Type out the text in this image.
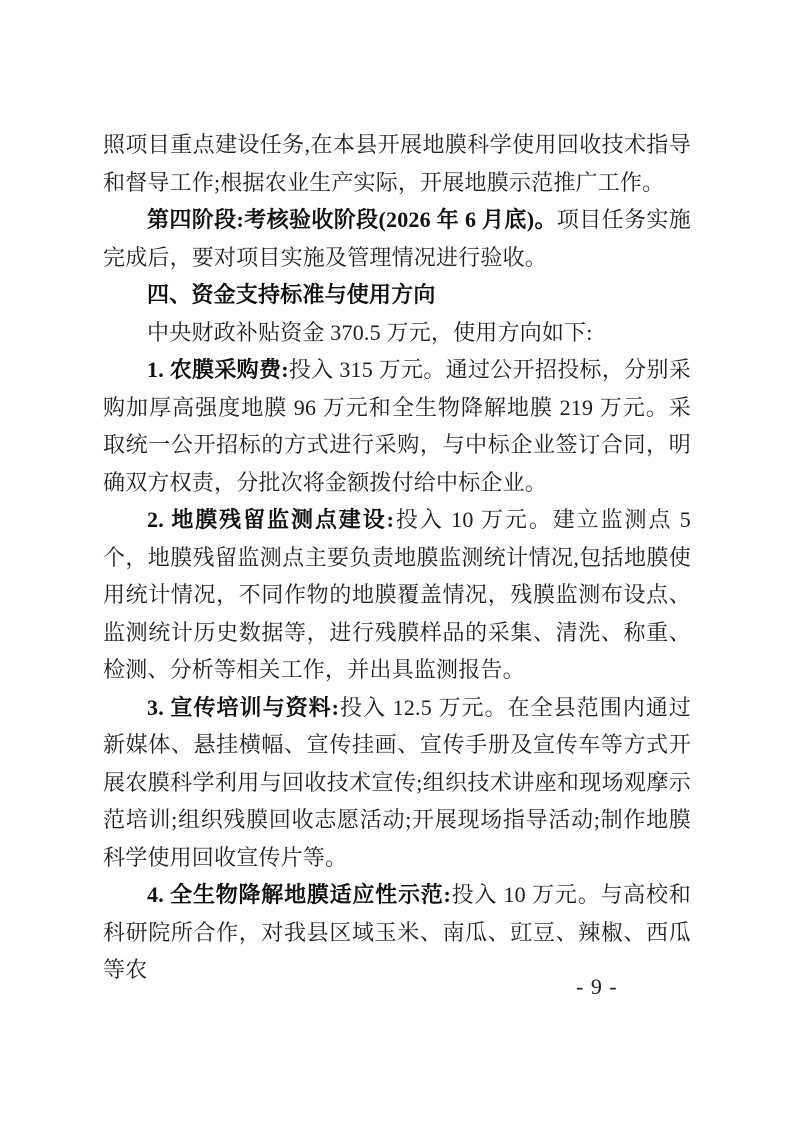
照项目重点建设任务,在本县开展地膜科学使用回收技术指导和督导工作;根据农业生产实际，开展地膜示范推广工作。

第四阶段:考核验收阶段(2026 年 6 月底)。项目任务实施完成后，要对项目实施及管理情况进行验收。

四、资金支持标准与使用方向

中央财政补贴资金 370.5 万元，使用方向如下:

1. 农膜采购费:投入 315 万元。通过公开招投标，分别采购加厚高强度地膜 96 万元和全生物降解地膜 219 万元。采取统一公开招标的方式进行采购，与中标企业签订合同，明确双方权责，分批次将金额拨付给中标企业。

2. 地膜残留监测点建设:投入 10 万元。建立监测点 5 个，地膜残留监测点主要负责地膜监测统计情况,包括地膜使用统计情况，不同作物的地膜覆盖情况，残膜监测布设点、监测统计历史数据等，进行残膜样品的采集、清洗、称重、检测、分析等相关工作，并出具监测报告。

3. 宣传培训与资料:投入 12.5 万元。在全县范围内通过新媒体、悬挂横幅、宣传挂画、宣传手册及宣传车等方式开展农膜科学利用与回收技术宣传;组织技术讲座和现场观摩示范培训;组织残膜回收志愿活动;开展现场指导活动;制作地膜科学使用回收宣传片等。

4. 全生物降解地膜适应性示范:投入 10 万元。与高校和科研院所合作，对我县区域玉米、南瓜、豇豆、辣椒、西瓜等农

- 9 -
